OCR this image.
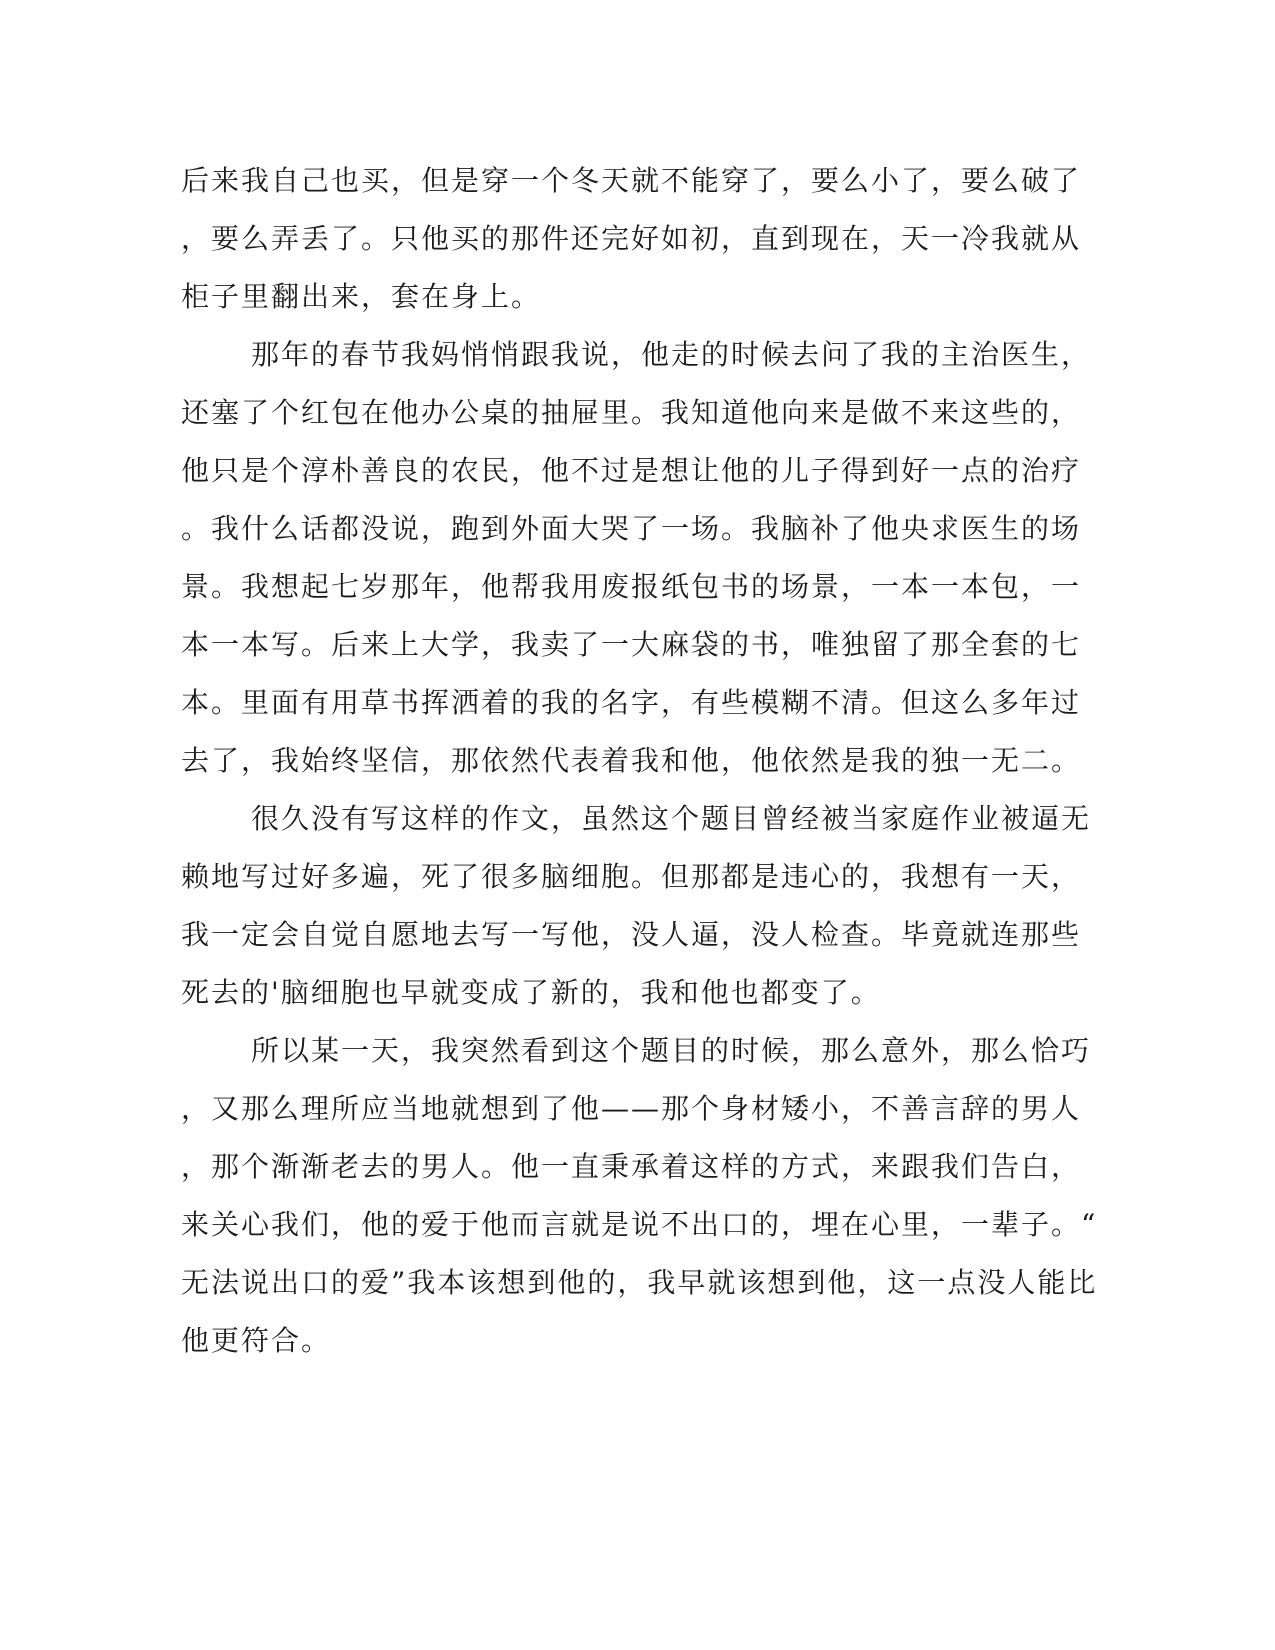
后来我自己也买，但是穿一个冬天就不能穿了，要么小了，要么破了
，要么弄丢了。只他买的那件还完好如初，直到现在，天一冷我就从
柜子里翻出来，套在身上。
那年的春节我妈悄悄跟我说，他走的时候去问了我的主治医生，
还塞了个红包在他办公桌的抽屉里。我知道他向来是做不来这些的，
他只是个淳朴善良的农民，他不过是想让他的儿子得到好一点的治疗
。我什么话都没说，跑到外面大哭了一场。我脑补了他央求医生的场
景。我想起七岁那年，他帮我用废报纸包书的场景，一本一本包，一
本一本写。后来上大学，我卖了一大麻袋的书，唯独留了那全套的七
本。里面有用草书挥洒着的我的名字，有些模糊不清。但这么多年过
去了，我始终坚信，那依然代表着我和他，他依然是我的独一无二。
很久没有写这样的作文，虽然这个题目曾经被当家庭作业被逼无
赖地写过好多遍，死了很多脑细胞。但那都是违心的，我想有一天，
我一定会自觉自愿地去写一写他，没人逼，没人检查。毕竟就连那些
死去的'脑细胞也早就变成了新的，我和他也都变了。
所以某一天，我突然看到这个题目的时候，那么意外，那么恰巧
，又那么理所应当地就想到了他——那个身材矮小，不善言辞的男人
，那个渐渐老去的男人。他一直秉承着这样的方式，来跟我们告白，
来关心我们，他的爱于他而言就是说不出口的，埋在心里，一辈子。“
无法说出口的爱”我本该想到他的，我早就该想到他，这一点没人能比
他更符合。
